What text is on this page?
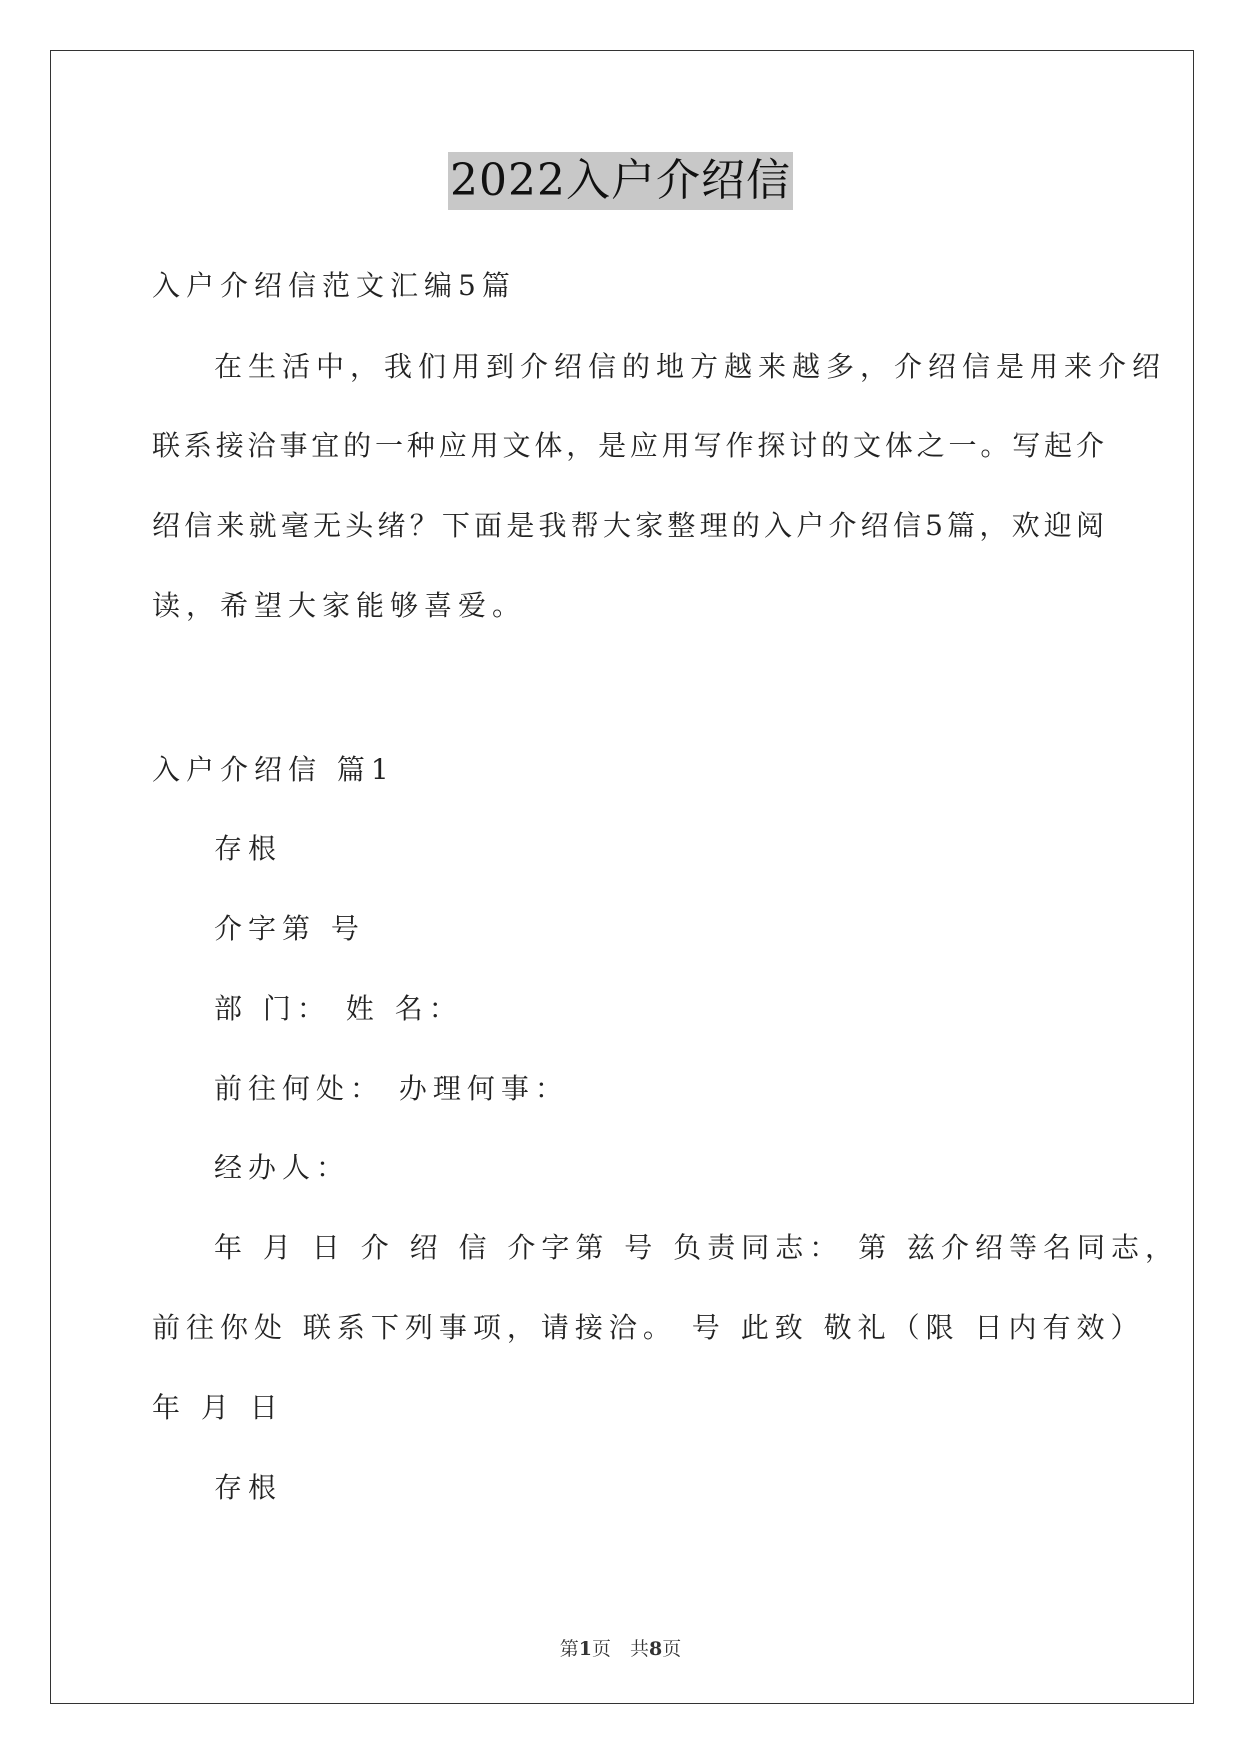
2022入户介绍信
入户介绍信范文汇编5篇
在生活中，我们用到介绍信的地方越来越多，介绍信是用来介绍
联系接洽事宜的一种应用文体，是应用写作探讨的文体之一。写起介
绍信来就毫无头绪？下面是我帮大家整理的入户介绍信5篇，欢迎阅
读，希望大家能够喜爱。
入户介绍信 篇1
存根
介字第 号
部 门： 姓 名：
前往何处： 办理何事：
经办人：
年 月 日 介 绍 信 介字第 号 负责同志： 第 兹介绍等名同志，
前往你处 联系下列事项，请接洽。 号 此致 敬礼（限 日内有效）
年 月 日
存根
第1页　共8页
